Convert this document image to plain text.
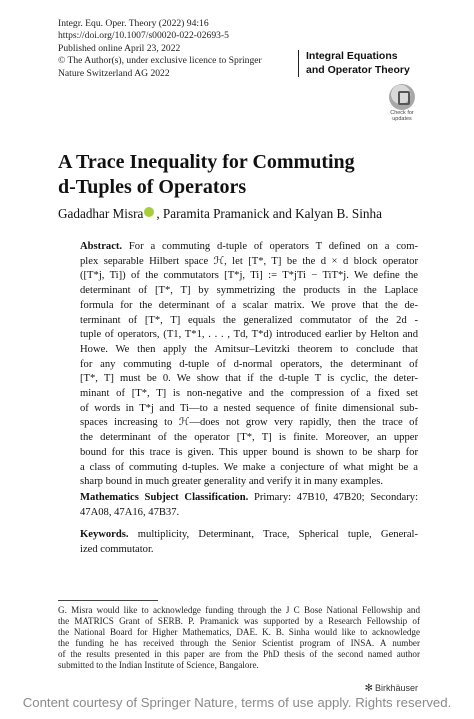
Integr. Equ. Oper. Theory (2022) 94:16
https://doi.org/10.1007/s00020-022-02693-5
Published online April 23, 2022
© The Author(s), under exclusive licence to Springer
Nature Switzerland AG 2022
Integral Equations
and Operator Theory
Check for
updates
A Trace Inequality for Commuting
d-Tuples of Operators
Gadadhar Misra , Paramita Pramanick and Kalyan B. Sinha
Abstract. For a commuting d-tuple of operators T defined on a com-
plex separable Hilbert space ℋ, let [T*, T] be the d × d block operator
([T*j, Ti]) of the commutators [T*j, Ti] := T*jTi − TiT*j. We define the
determinant of [T*, T] by symmetrizing the products in the Laplace
formula for the determinant of a scalar matrix. We prove that the de-
terminant of [T*, T] equals the generalized commutator of the 2d -
tuple of operators, (T1, T*1, . . . , Td, T*d) introduced earlier by Helton and
Howe. We then apply the Amitsur–Levitzki theorem to conclude that
for any commuting d-tuple of d-normal operators, the determinant of
[T*, T] must be 0. We show that if the d-tuple T is cyclic, the deter-
minant of [T*, T] is non-negative and the compression of a fixed set
of words in T*j and Ti—to a nested sequence of finite dimensional sub-
spaces increasing to ℋ—does not grow very rapidly, then the trace of
the determinant of the operator [T*, T] is finite. Moreover, an upper
bound for this trace is given. This upper bound is shown to be sharp for
a class of commuting d-tuples. We make a conjecture of what might be a
sharp bound in much greater generality and verify it in many examples.
Mathematics Subject Classification. Primary: 47B10, 47B20; Secondary:
47A08, 47A16, 47B37.
Keywords. multiplicity, Determinant, Trace, Spherical tuple, General-
ized commutator.
G. Misra would like to acknowledge funding through the J C Bose National Fellowship and
the MATRICS Grant of SERB. P. Pramanick was supported by a Research Fellowship of
the National Board for Higher Mathematics, DAE. K. B. Sinha would like to acknowledge
the funding he has received through the Senior Scientist program of INSA. A number
of the results presented in this paper are from the PhD thesis of the second named author
submitted to the Indian Institute of Science, Bangalore.
✻ Birkhäuser
Content courtesy of Springer Nature, terms of use apply. Rights reserved.
